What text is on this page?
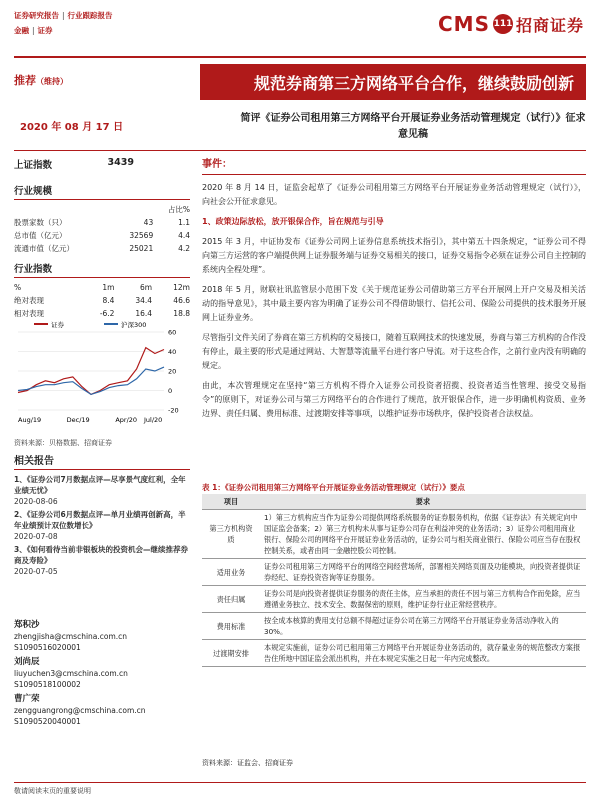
证券研究报告 | 行业跟踪报告
金融 | 证券	CMS 111 招商证券
推荐（维持）	规范券商第三方网络平台合作，继续鼓励创新
2020 年 08 月 17 日
简评《证券公司租用第三方网络平台开展证券业务活动管理规定（试行）》征求意见稿
上证指数	3439
行业规模
		占比%
股票家数（只）	43	1.1
总市值（亿元）	32569	4.4
流通市值（亿元）	25021	4.2
行业指数
%	1m	6m	12m
绝对表现	8.4	34.4	46.6
相对表现	-6.2	16.4	18.8
证券	沪深300
60
40
20
0
-20
Aug/19	Dec/19	Apr/20 Jul/20
资料来源：贝格数据、招商证券
相关报告
1、《证券公司7月数据点评—尽享景气度红利，全年业绩无忧》
2020-08-06
2、《证券公司6月数据点评—单月业绩再创新高，半年业绩预计双位数增长》
2020-07-08
3、《如何看待当前非银板块的投资机会—继续推荐券商及寿险》
2020-07-05
郑积沙
zhengjisha@cmschina.com.cn
S1090516020001
刘尚辰
liuyuchen3@cmschina.com.cn
S1090518100002
曹广荣
zengguangrong@cmschina.com.cn
S1090520040001
事件：

2020 年 8 月 14 日，证监会起草了《证券公司租用第三方网络平台开展证券业务活动管理规定（试行）》，向社会公开征求意见。

1、政策边际放松，放开银保合作，旨在规范与引导

2015 年 3 月，中证协发布《证券公司网上证券信息系统技术指引》，其中第五十四条规定，“证券公司不得向第三方运营的客户端提供网上证券服务端与证券交易相关的接口，证券交易指令必须在证券公司自主控制的系统内全程处理”。

2018 年 5 月，财联社讯监管层小范围下发《关于规范证券公司借助第三方平台开展网上开户交易及相关活动的指导意见》，其中最主要内容为明确了证券公司不得借助银行、信托公司、保险公司提供的技术服务开展网上证券业务。

尽管指引文件关闭了券商在第三方机构的交易接口，随着互联网技术的快速发展，券商与第三方机构的合作没有停止，最主要的形式是通过网站、大智慧等流量平台进行客户导流。对于这些合作，之前行业内没有明确的规定。

由此，本次管理规定在坚持“第三方机构不得介入证券公司投资者招揽、投资者适当性管理、接受交易指令”的原则下，对证券公司与第三方网络平台的合作进行了规范，放开银保合作，进一步明确机构资质、业务边界、责任归属、费用标准、过渡期安排等事项，以维护证券市场秩序，保护投资者合法权益。

表 1：《证券公司租用第三方网络平台开展证券业务活动管理规定（试行）》要点
项目	要求
第三方机构资质	1）第三方机构应当作为证券公司提供网络系统服务的证券服务机构，依据《证券法》有关规定向中国证监会备案；2）第三方机构未从事与证券公司存在利益冲突的业务活动；3）证券公司租用商业银行、保险公司的网络平台开展证券业务活动的，证券公司与相关商业银行、保险公司应当存在股权控制关系，或者由同一金融控股公司控制。
适用业务	证券公司租用第三方网络平台的网络空间经营场所，部署相关网络页面及功能模块，向投资者提供证券经纪、证券投资咨询等证券服务。
责任归属	证券公司是向投资者提供证券服务的责任主体，应当承担的责任不因与第三方机构合作而免除，应当遵循业务独立、技术安全、数据保密的原则，维护证券行业正常经营秩序。
费用标准	按全成本核算的费用支付总额不得超过证券公司在第三方网络平台开展证券业务活动净收入的 30%。
过渡期安排	本规定实施前，证券公司已租用第三方网络平台开展证券业务活动的，就存量业务的规范整改方案报告住所地中国证监会派出机构，并在本规定实施之日起一年内完成整改。
资料来源：证监会、招商证券
敬请阅读末页的重要说明
